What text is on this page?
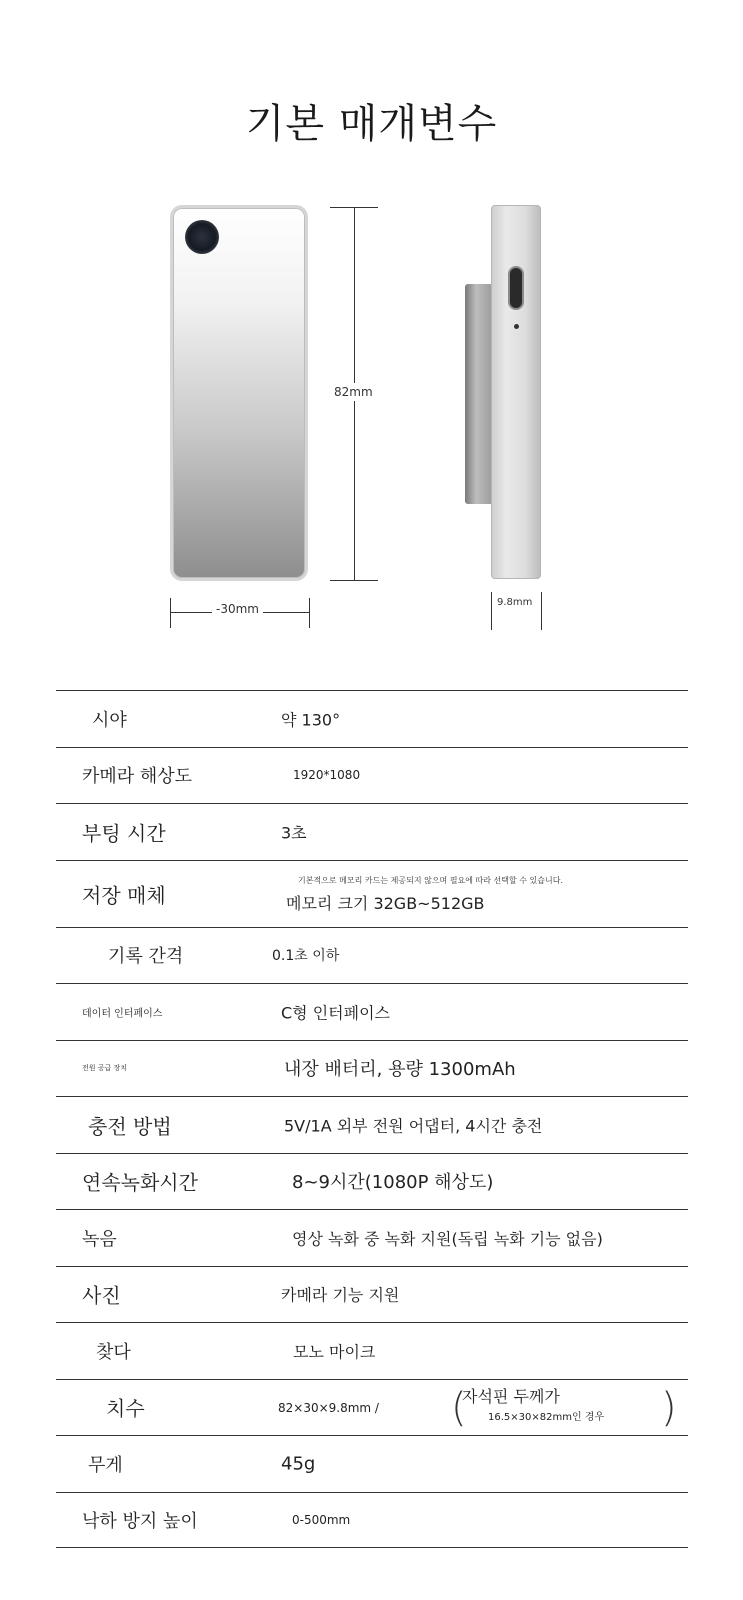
기본 매개변수
82mm
-30mm	9.8mm
시야	약 130°
카메라 해상도	1920*1080
부팅 시간	3초
저장 매체
기본적으로 메모리 카드는 제공되지 않으며 필요에 따라 선택할 수 있습니다.
메모리 크기 32GB~512GB
기록 간격	0.1초 이하
데이터 인터페이스	C형 인터페이스
전원 공급 장치	내장 배터리, 용량 1300mAh
충전 방법	5V/1A 외부 전원 어댑터, 4시간 충전
연속녹화시간	8~9시간(1080P 해상도)
녹음	영상 녹화 중 녹화 지원(독립 녹화 기능 없음)
사진	카메라 기능 지원
찾다	모노 마이크
치수	82×30×9.8mm / (
자석핀 두께가
16.5×30×82mm인 경우 )
무게	45g
낙하 방지 높이	0-500mm
